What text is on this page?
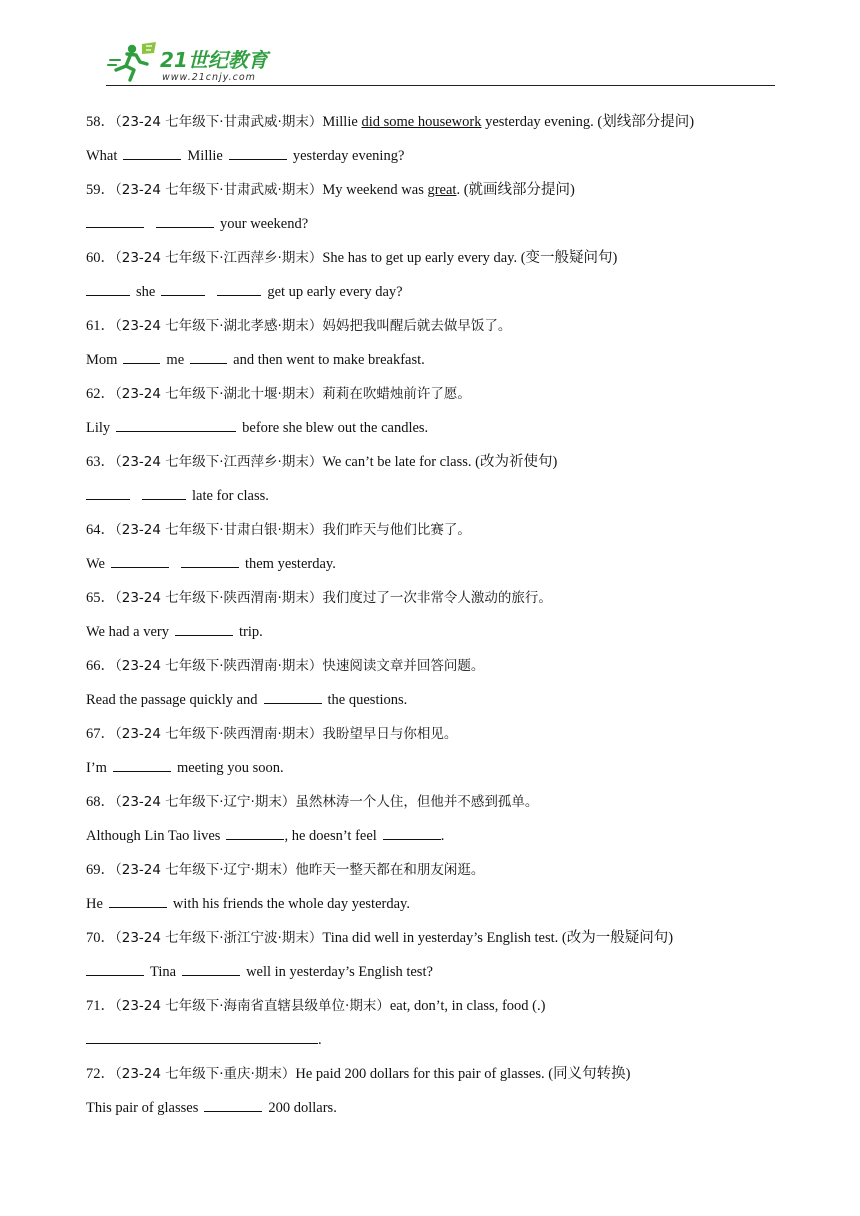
21世纪教育
www.21cnjy.com
58．（23-24 七年级下·甘肃武威·期末）Millie did some housework yesterday evening. (划线部分提问)
What	Millie	yesterday evening?
59．（23-24 七年级下·甘肃武威·期末）My weekend was great. (就画线部分提问)
your weekend?
60．（23-24 七年级下·江西萍乡·期末）She has to get up early every day. (变一般疑问句)
she	get up early every day?
61．（23-24 七年级下·湖北孝感·期末）妈妈把我叫醒后就去做早饭了。
Mom	me	and then went to make breakfast.
62．（23-24 七年级下·湖北十堰·期末）莉莉在吹蜡烛前许了愿。
Lily	before she blew out the candles.
63．（23-24 七年级下·江西萍乡·期末）We can’t be late for class. (改为祈使句)
late for class.
64．（23-24 七年级下·甘肃白银·期末）我们昨天与他们比赛了。
We	them yesterday.
65．（23-24 七年级下·陕西渭南·期末）我们度过了一次非常令人激动的旅行。
We had a very	trip.
66．（23-24 七年级下·陕西渭南·期末）快速阅读文章并回答问题。
Read the passage quickly and	the questions.
67．（23-24 七年级下·陕西渭南·期末）我盼望早日与你相见。
I’m	meeting you soon.
68．（23-24 七年级下·辽宁·期末）虽然林涛一个人住，但他并不感到孤单。
Although Lin Tao lives	, he doesn’t feel	.
69．（23-24 七年级下·辽宁·期末）他昨天一整天都在和朋友闲逛。
He	with his friends the whole day yesterday.
70．（23-24 七年级下·浙江宁波·期末）Tina did well in yesterday’s English test. (改为一般疑问句)
Tina	well in yesterday’s English test?
71．（23-24 七年级下·海南省直辖县级单位·期末）eat, don’t, in class, food (.)
.
72．（23-24 七年级下·重庆·期末）He paid 200 dollars for this pair of glasses. (同义句转换)
This pair of glasses	200 dollars.
